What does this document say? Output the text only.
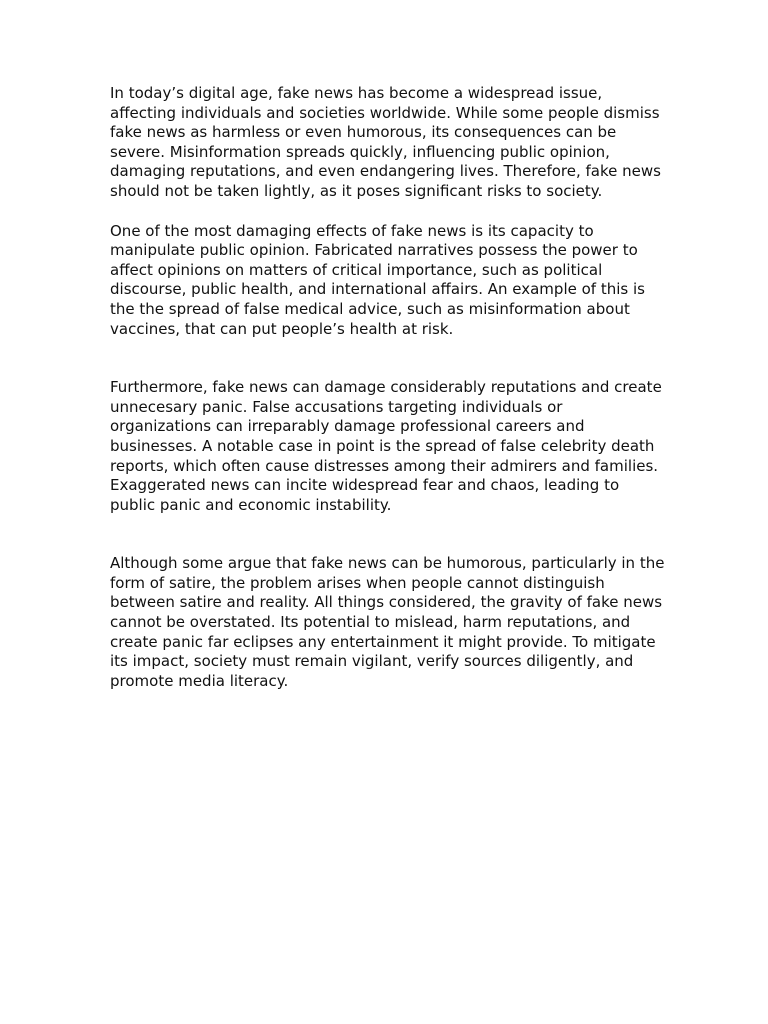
In today’s digital age, fake news has become a widespread issue, affecting individuals and societies worldwide. While some people dismiss fake news as harmless or even humorous, its consequences can be severe. Misinformation spreads quickly, influencing public opinion, damaging reputations, and even endangering lives. Therefore, fake news should not be taken lightly, as it poses significant risks to society.

One of the most damaging effects of fake news is its capacity to manipulate public opinion. Fabricated narratives possess the power to affect opinions on matters of critical importance, such as political discourse, public health, and international affairs. An example of this is the the spread of false medical advice, such as misinformation about vaccines, that can put people’s health at risk.

Furthermore, fake news can damage considerably reputations and create unnecesary panic. False accusations targeting individuals or organizations can irreparably damage professional careers and businesses. A notable case in point is the spread of false celebrity death reports, which often cause distresses among their admirers and families. Exaggerated news can incite widespread fear and chaos, leading to public panic and economic instability.

Although some argue that fake news can be humorous, particularly in the form of satire, the problem arises when people cannot distinguish between satire and reality. All things considered, the gravity of fake news cannot be overstated. Its potential to mislead, harm reputations, and create panic far eclipses any entertainment it might provide. To mitigate its impact, society must remain vigilant, verify sources diligently, and promote media literacy.
